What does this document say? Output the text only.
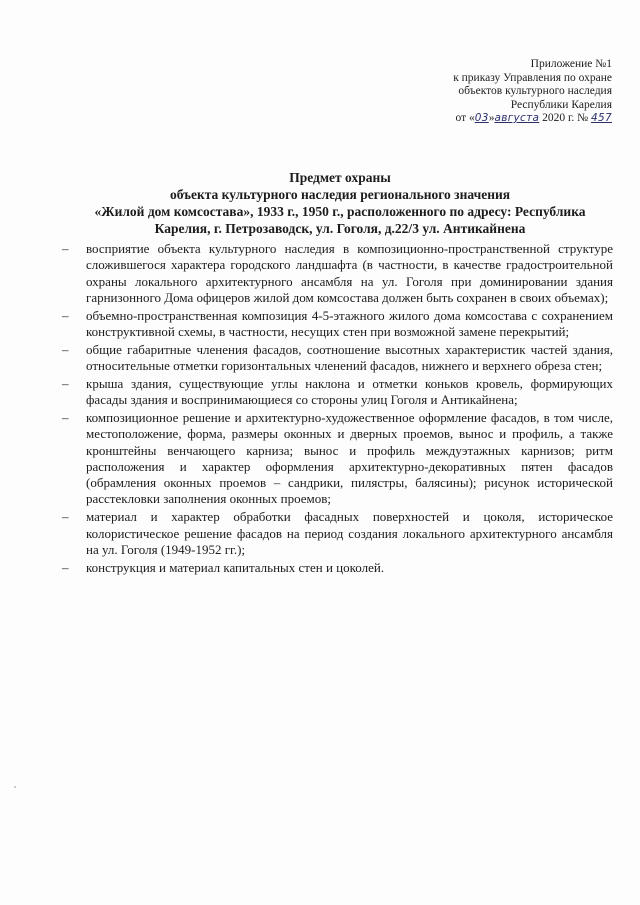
Приложение №1
к приказу Управления по охране
объектов культурного наследия
Республики Карелия
от «03»августа 2020 г. № 457
Предмет охраны
объекта культурного наследия регионального значения
«Жилой дом комсостава», 1933 г., 1950 г., расположенного по адресу: Республика
Карелия, г. Петрозаводск, ул. Гоголя, д.22/3 ул. Антикайнена
– восприятие объекта культурного наследия в композиционно-пространственной структуре сложившегося характера городского ландшафта (в частности, в качестве градостроительной охраны локального архитектурного ансамбля на ул. Гоголя при доминировании здания гарнизонного Дома офицеров жилой дом комсостава должен быть сохранен в своих объемах);
– объемно-пространственная композиция 4-5-этажного жилого дома комсостава с сохранением конструктивной схемы, в частности, несущих стен при возможной замене перекрытий;
– общие габаритные членения фасадов, соотношение высотных характеристик частей здания, относительные отметки горизонтальных членений фасадов, нижнего и верхнего обреза стен;
– крыша здания, существующие углы наклона и отметки коньков кровель, формирующих фасады здания и воспринимающиеся со стороны улиц Гоголя и Антикайнена;
– композиционное решение и архитектурно-художественное оформление фасадов, в том числе, местоположение, форма, размеры оконных и дверных проемов, вынос и профиль, а также кронштейны венчающего карниза; вынос и профиль междуэтажных карнизов; ритм расположения и характер оформления архитектурно-декоративных пятен фасадов (обрамления оконных проемов – сандрики, пилястры, балясины); рисунок исторической расстекловки заполнения оконных проемов;
– материал и характер обработки фасадных поверхностей и цоколя, историческое колористическое решение фасадов на период создания локального архитектурного ансамбля на ул. Гоголя (1949-1952 гг.);
– конструкция и материал капитальных стен и цоколей.
